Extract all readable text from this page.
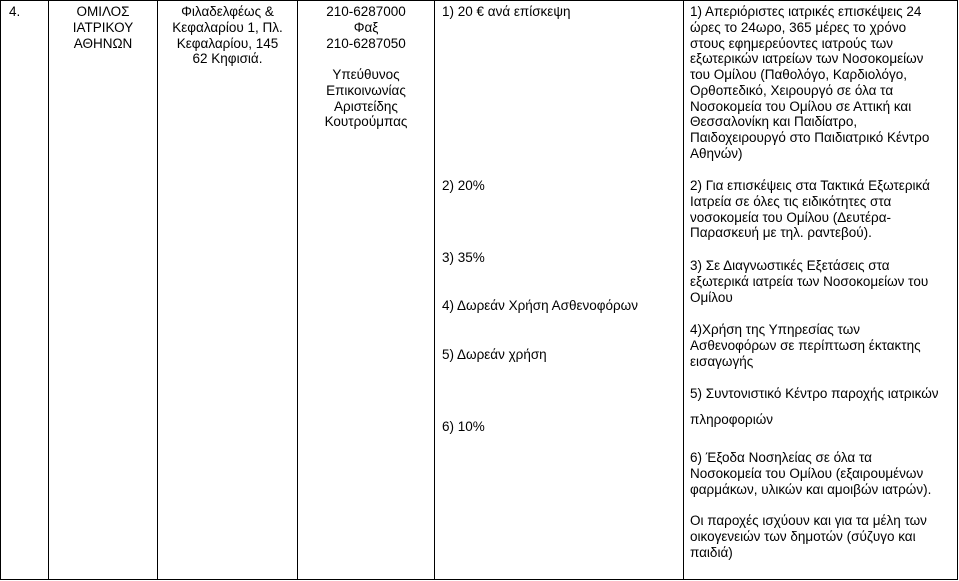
4.	ΟΜΙΛΟΣ
ΙΑΤΡΙΚΟΥ
ΑΘΗΝΩΝ
Φιλαδελφέως &
Κεφαλαρίου 1, Πλ.
Κεφαλαρίου, 145
62 Κηφισιά.
210-6287000
Φαξ
210-6287050
Υπεύθυνος
Επικοινωνίας
Αριστείδης
Κουτρούμπας
1) 20 € ανά επίσκεψη
2) 20%
3) 35%
4) Δωρεάν Χρήση Ασθενοφόρων
5) Δωρεάν χρήση
6) 10%
1) Απεριόριστες ιατρικές επισκέψεις 24
ώρες το 24ωρο, 365 μέρες το χρόνο
στους εφημερεύοντες ιατρούς των
εξωτερικών ιατρείων των Νοσοκομείων
του Ομίλου (Παθολόγο, Καρδιολόγο,
Ορθοπεδικό, Χειρουργό σε όλα τα
Νοσοκομεία του Ομίλου σε Αττική και
Θεσσαλονίκη και Παιδίατρο,
Παιδοχειρουργό στο Παιδιατρικό Κέντρο
Αθηνών)
2) Για επισκέψεις στα Τακτικά Εξωτερικά
Ιατρεία σε όλες τις ειδικότητες στα
νοσοκομεία του Ομίλου (Δευτέρα-
Παρασκευή με τηλ. ραντεβού).
3) Σε Διαγνωστικές Εξετάσεις στα
εξωτερικά ιατρεία των Νοσοκομείων του
Ομίλου
4)Χρήση της Υπηρεσίας των
Ασθενοφόρων σε περίπτωση έκτακτης
εισαγωγής
5) Συντονιστικό Κέντρο παροχής ιατρικών
πληροφοριών
6) Έξοδα Νοσηλείας σε όλα τα
Νοσοκομεία του Ομίλου (εξαιρουμένων
φαρμάκων, υλικών και αμοιβών ιατρών).
Οι παροχές ισχύουν και για τα μέλη των
οικογενειών των δημοτών (σύζυγο και
παιδιά)
